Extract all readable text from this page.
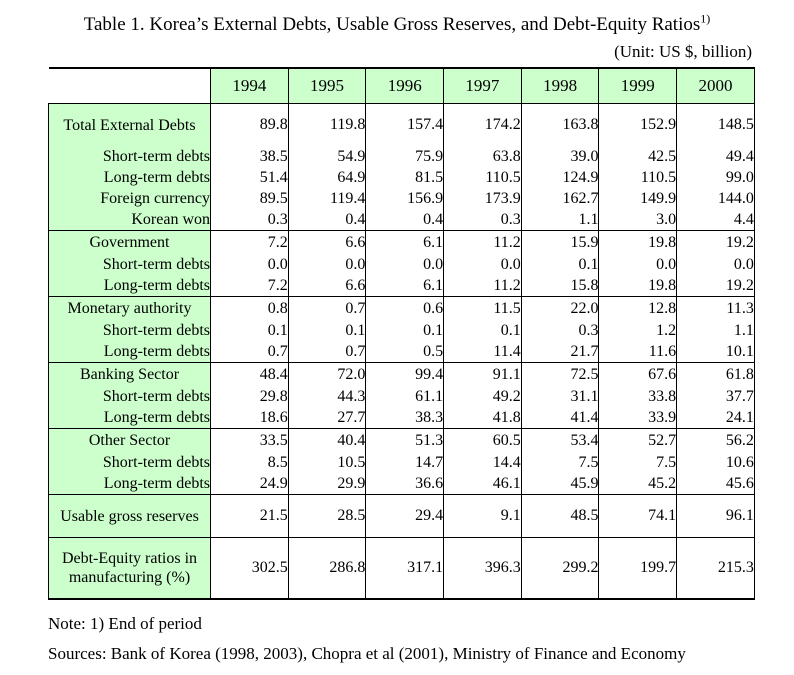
Table 1. Korea’s External Debts, Usable Gross Reserves, and Debt-Equity Ratios$^{1)}$
(Unit: US $, billion)
	1994	1995	1996	1997	1998	1999	2000
Total External Debts	89.8	119.8	157.4	174.2	163.8	152.9	148.5
Short-term debts	38.5	54.9	75.9	63.8	39.0	42.5	49.4
Long-term debts	51.4	64.9	81.5	110.5	124.9	110.5	99.0
Foreign currency	89.5	119.4	156.9	173.9	162.7	149.9	144.0
Korean won	0.3	0.4	0.4	0.3	1.1	3.0	4.4
Government	7.2	6.6	6.1	11.2	15.9	19.8	19.2
Short-term debts	0.0	0.0	0.0	0.0	0.1	0.0	0.0
Long-term debts	7.2	6.6	6.1	11.2	15.8	19.8	19.2
Monetary authority	0.8	0.7	0.6	11.5	22.0	12.8	11.3
Short-term debts	0.1	0.1	0.1	0.1	0.3	1.2	1.1
Long-term debts	0.7	0.7	0.5	11.4	21.7	11.6	10.1
Banking Sector	48.4	72.0	99.4	91.1	72.5	67.6	61.8
Short-term debts	29.8	44.3	61.1	49.2	31.1	33.8	37.7
Long-term debts	18.6	27.7	38.3	41.8	41.4	33.9	24.1
Other Sector	33.5	40.4	51.3	60.5	53.4	52.7	56.2
Short-term debts	8.5	10.5	14.7	14.4	7.5	7.5	10.6
Long-term debts	24.9	29.9	36.6	46.1	45.9	45.2	45.6
Usable gross reserves	21.5	28.5	29.4	9.1	48.5	74.1	96.1
Debt-Equity ratios in manufacturing (%)	302.5	286.8	317.1	396.3	299.2	199.7	215.3
Note: 1) End of period
Sources: Bank of Korea (1998, 2003), Chopra et al (2001), Ministry of Finance and Economy
